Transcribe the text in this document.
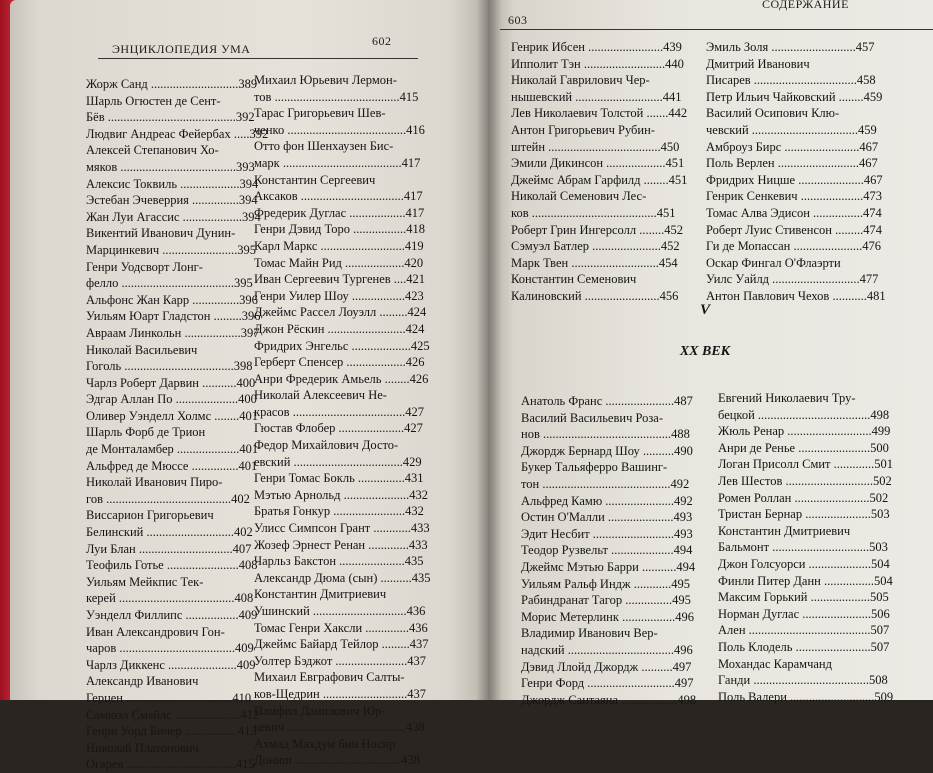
ЭНЦИКЛОПЕДИЯ УМА
602
603
СОДЕРЖАНИЕ
Жорж Санд ............................389
Шарль Огюстен де Сент-
Бёв .........................................392
Людвиг Андреас Фейербах .....392
Алексей Степанович Хо-
мяков .....................................393
Алексис Токвиль ...................394
Эстебан Эчеверрия ...............394
Жан Луи Агассис ...................394
Викентий Иванович Дунин-
Марцинкевич ........................395
Генри Уодсворт Лонг-
фелло ....................................395
Альфонс Жан Карр ...............396
Уильям Юарт Гладстон .........396
Авраам Линкольн ..................397
Николай Васильевич
Гоголь ...................................398
Чарлз Роберт Дарвин ...........400
Эдгар Аллан По ....................400
Оливер Уэнделл Холмс ........401
Шарль Форб де Трион
де Монталамбер ....................401
Альфред де Мюссе ...............401
Николай Иванович Пиро-
гов ........................................402
Виссарион Григорьевич
Белинский ............................402
Луи Блан ..............................407
Теофиль Готье .......................408
Уильям Мейкпис Тек-
керей .....................................408
Уэнделл Филлипс .................409
Иван Александрович Гон-
чаров .....................................409
Чарлз Диккенс ......................409
Александр Иванович
Герцен ..................................410
Самюэл Смайлс .....................412
Генри Уорд Бичер .................413
Николай Платонович
Огарев ...................................415
Михаил Юрьевич Лермон-
тов ........................................415
Тарас Григорьевич Шев-
ченко ......................................416
Отто фон Шенхаузен Бис-
марк ......................................417
Константин Сергеевич
Аксаков .................................417
Фредерик Дуглас ..................417
Генри Дэвид Торо .................418
Карл Маркс ...........................419
Томас Майн Рид ...................420
Иван Сергеевич Тургенев ....421
Генри Уилер Шоу .................423
Джеймс Рассел Лоуэлл .........424
Джон Рёскин .........................424
Фридрих Энгельс ...................425
Герберт Спенсер ...................426
Анри Фредерик Амьель ........426
Николай Алексеевич Не-
красов ....................................427
Гюстав Флобер .....................427
Федор Михайлович Досто-
евский ...................................429
Генри Томас Бокль ...............431
Мэтью Арнольд .....................432
Братья Гонкур .......................432
Улисс Симпсон Грант ............433
Жозеф Эрнест Ренан .............433
Чарльз Бакстон .....................435
Александр Дюма (сын) ..........435
Константин Дмитриевич
Ушинский ..............................436
Томас Генри Хаксли ..............436
Джеймс Байард Тейлор .........437
Уолтер Бэджот .......................437
Михаил Евграфович Салты-
ков-Щедрин ...........................437
Памфил Данилович Юр-
кевич ......................................438
Ахмад Махдум бин Носир
Дониш ..................................438
Генрик Ибсен ........................439
Ипполит Тэн ..........................440
Николай Гаврилович Чер-
нышевский ............................441
Лев Николаевич Толстой .......442
Антон Григорьевич Рубин-
штейн ....................................450
Эмили Дикинсон ...................451
Джеймс Абрам Гарфилд ........451
Николай Семенович Лес-
ков ........................................451
Роберт Грин Ингерсолл ........452
Сэмуэл Батлер ......................452
Марк Твен ............................454
Константин Семенович
Калиновский ........................456
Эмиль Золя ...........................457
Дмитрий Иванович
Писарев .................................458
Петр Ильич Чайковский ........459
Василий Осипович Клю-
чевский ..................................459
Амброуз Бирс ........................467
Поль Верлен ..........................467
Фридрих Ницше .....................467
Генрик Сенкевич ....................473
Томас Алва Эдисон ................474
Роберт Луис Стивенсон .........474
Ги де Мопассан ......................476
Оскар Фингал О'Флаэрти
Уилс Уайлд ............................477
Антон Павлович Чехов ...........481
V
XX ВЕК
Анатоль Франс ......................487
Василий Васильевич Роза-
нов .........................................488
Джордж Бернард Шоу ..........490
Букер Тальяферро Вашинг-
тон .........................................492
Альфред Камю ......................492
Остин О'Малли .....................493
Эдит Несбит ..........................493
Теодор Рузвельт ....................494
Джеймс Мэтью Барри ...........494
Уильям Ральф Индж ............495
Рабиндранат Тагор ...............495
Морис Метерлинк .................496
Владимир Иванович Вер-
надский ..................................496
Дэвид Ллойд Джордж ..........497
Генри Форд ............................497
Джордж Сантаяна ..................498
Евгений Николаевич Тру-
бецкой ....................................498
Жюль Ренар ...........................499
Анри де Ренье .......................500
Логан Присолл Смит .............501
Лев Шестов ............................502
Ромен Роллан ........................502
Тристан Бернар .....................503
Константин Дмитриевич
Бальмонт ...............................503
Джон Голсуорси ....................504
Финли Питер Данн ................504
Максим Горький ...................505
Норман Дуглас ......................506
Ален .......................................507
Поль Клодель ........................507
Мохандас Карамчанд
Ганди .....................................508
Поль Валери ...........................509
